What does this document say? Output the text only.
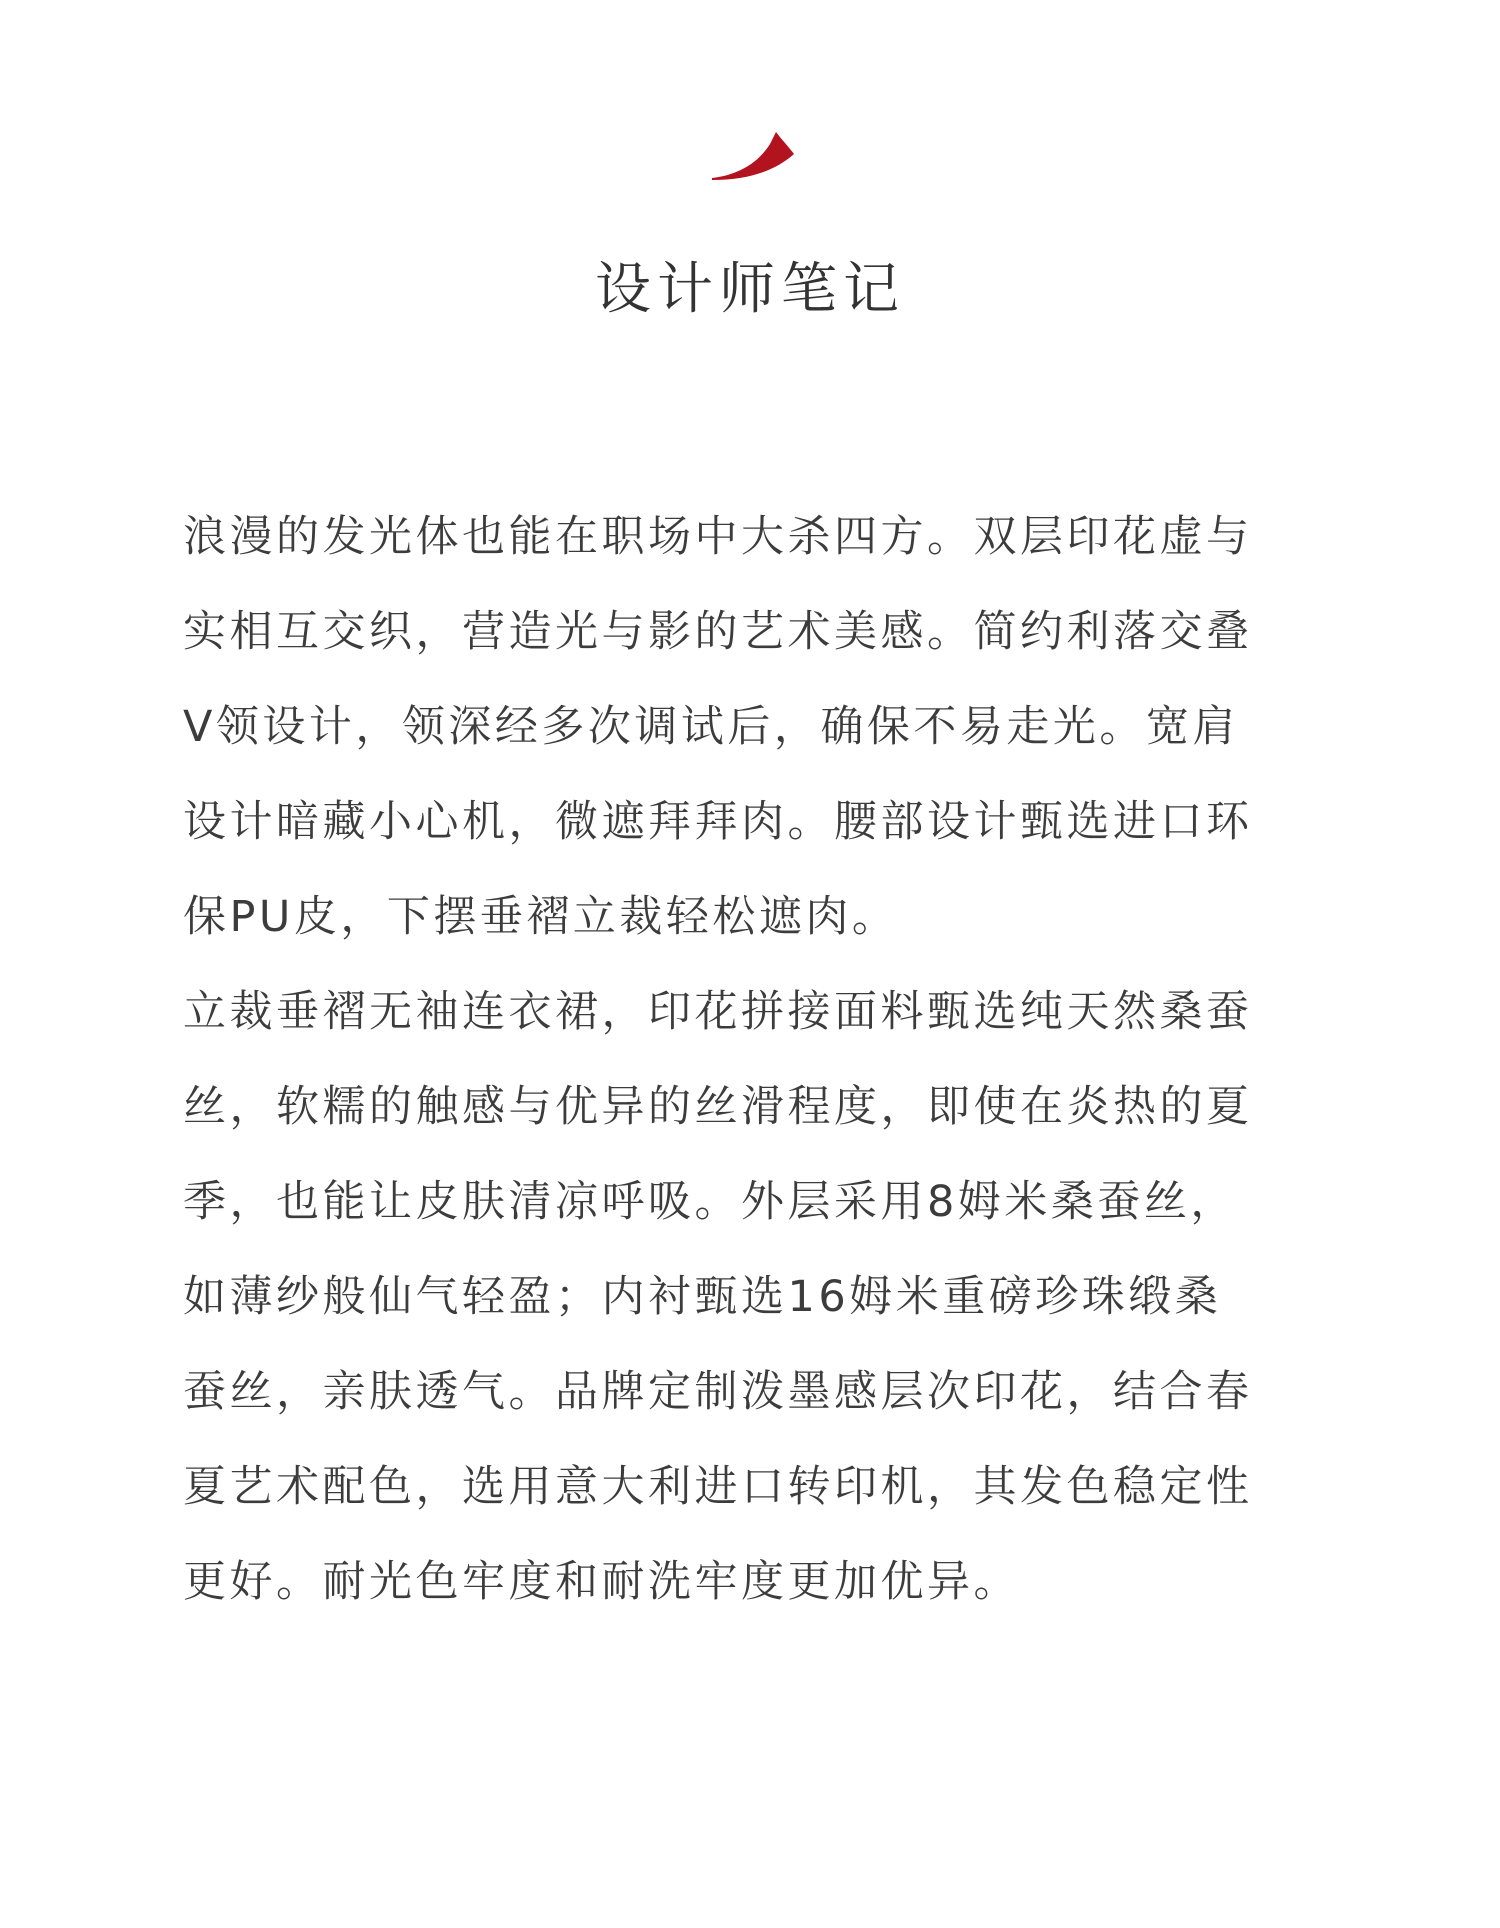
设计师笔记

浪漫的发光体也能在职场中大杀四方。双层印花虚与
实相互交织，营造光与影的艺术美感。简约利落交叠
V领设计，领深经多次调试后，确保不易走光。宽肩
设计暗藏小心机，微遮拜拜肉。腰部设计甄选进口环
保PU皮，下摆垂褶立裁轻松遮肉。

立裁垂褶无袖连衣裙，印花拼接面料甄选纯天然桑蚕
丝，软糯的触感与优异的丝滑程度，即使在炎热的夏
季，也能让皮肤清凉呼吸。外层采用8姆米桑蚕丝，
如薄纱般仙气轻盈；内衬甄选16姆米重磅珍珠缎桑
蚕丝，亲肤透气。品牌定制泼墨感层次印花，结合春
夏艺术配色，选用意大利进口转印机，其发色稳定性
更好。耐光色牢度和耐洗牢度更加优异。
